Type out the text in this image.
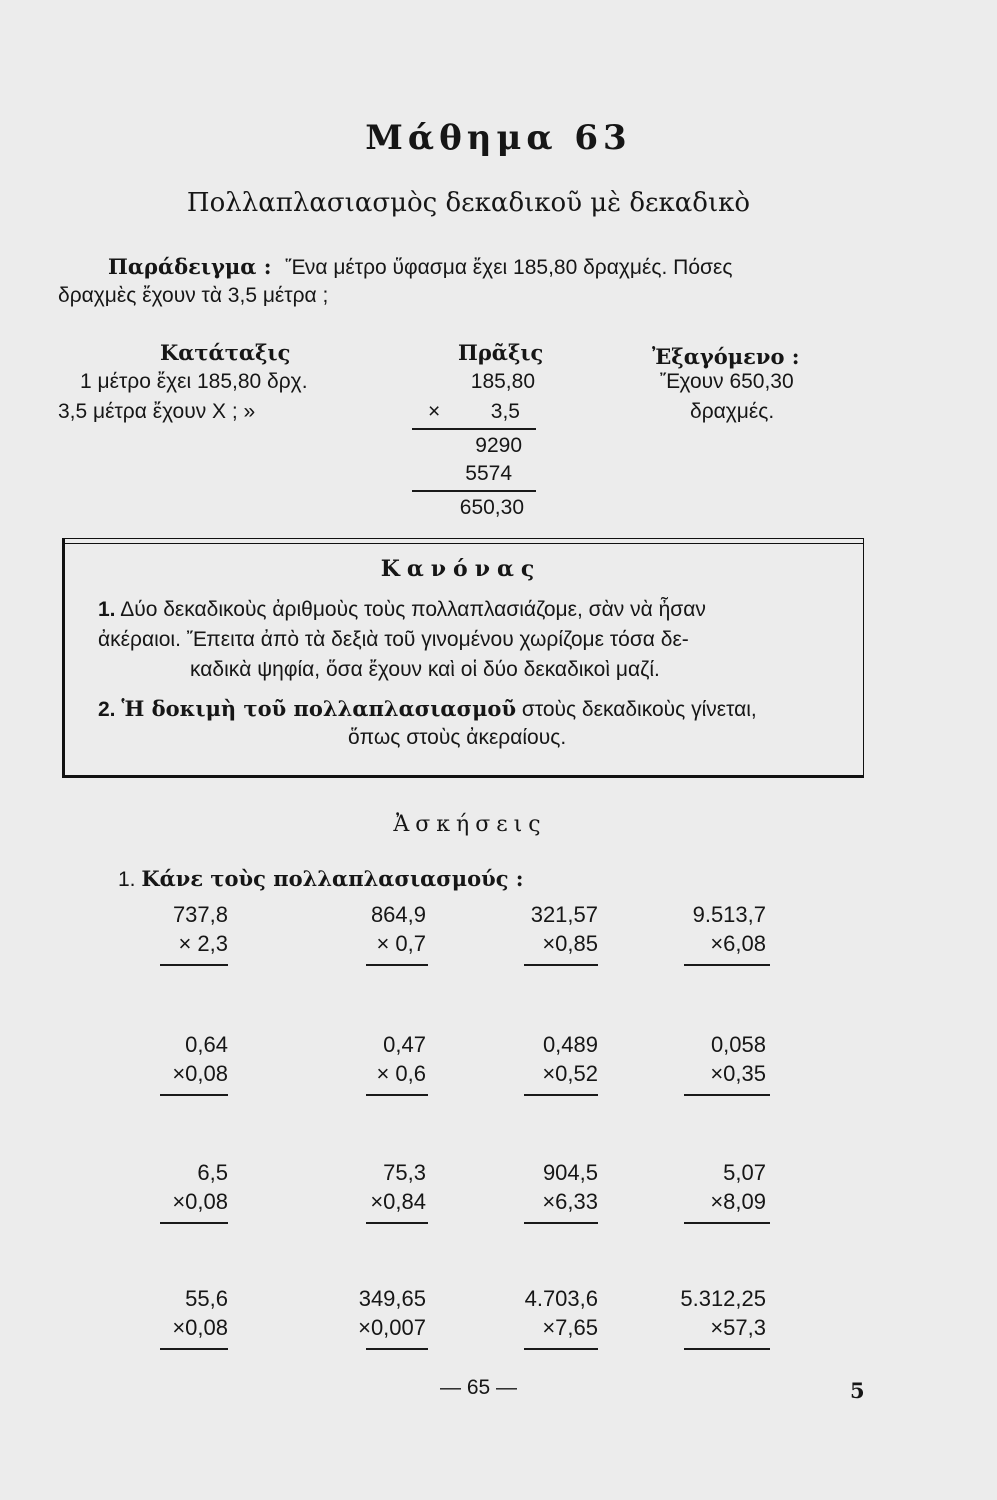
Μάθημα 63
Πολλαπλασιασμὸς δεκαδικοῦ μὲ δεκαδικὸ
Παράδειγμα : Ἕνα μέτρο ὕφασμα ἔχει 185,80 δραχμές. Πόσες
δραχμὲς ἔχουν τὰ 3,5 μέτρα ;
Κατάταξις
1 μέτρο ἔχει 185,80 δρχ.
3,5 μέτρα ἔχουν Χ ; »
Πρᾶξις
185,80
×	3,5
9290
5574
650,30
Ἐξαγόμενο :
Ἔχουν 650,30
δραχμές.
Κανόνας
1. Δύο δεκαδικοὺς ἀριθμοὺς τοὺς πολλαπλασιάζομε, σὰν νὰ ἦσαν
ἀκέραιοι. Ἔπειτα ἀπὸ τὰ δεξιὰ τοῦ γινομένου χωρίζομε τόσα δε-
καδικὰ ψηφία, ὅσα ἔχουν καὶ οἱ δύο δεκαδικοὶ μαζί.
2. Ἡ δοκιμὴ τοῦ πολλαπλασιασμοῦ στοὺς δεκαδικοὺς γίνεται,
ὅπως στοὺς ἀκεραίους.
Ἀσκήσεις
1. Κάνε τοὺς πολλαπλασιασμούς :
737,8
× 2,3
864,9
× 0,7
321,57
×0,85
9.513,7
×6,08
0,64
×0,08
0,47
× 0,6
0,489
×0,52
0,058
×0,35
6,5
×0,08
75,3
×0,84
904,5
×6,33
5,07
×8,09
55,6
×0,08
349,65
×0,007
4.703,6
×7,65
5.312,25
×57,3
— 65 —	5
